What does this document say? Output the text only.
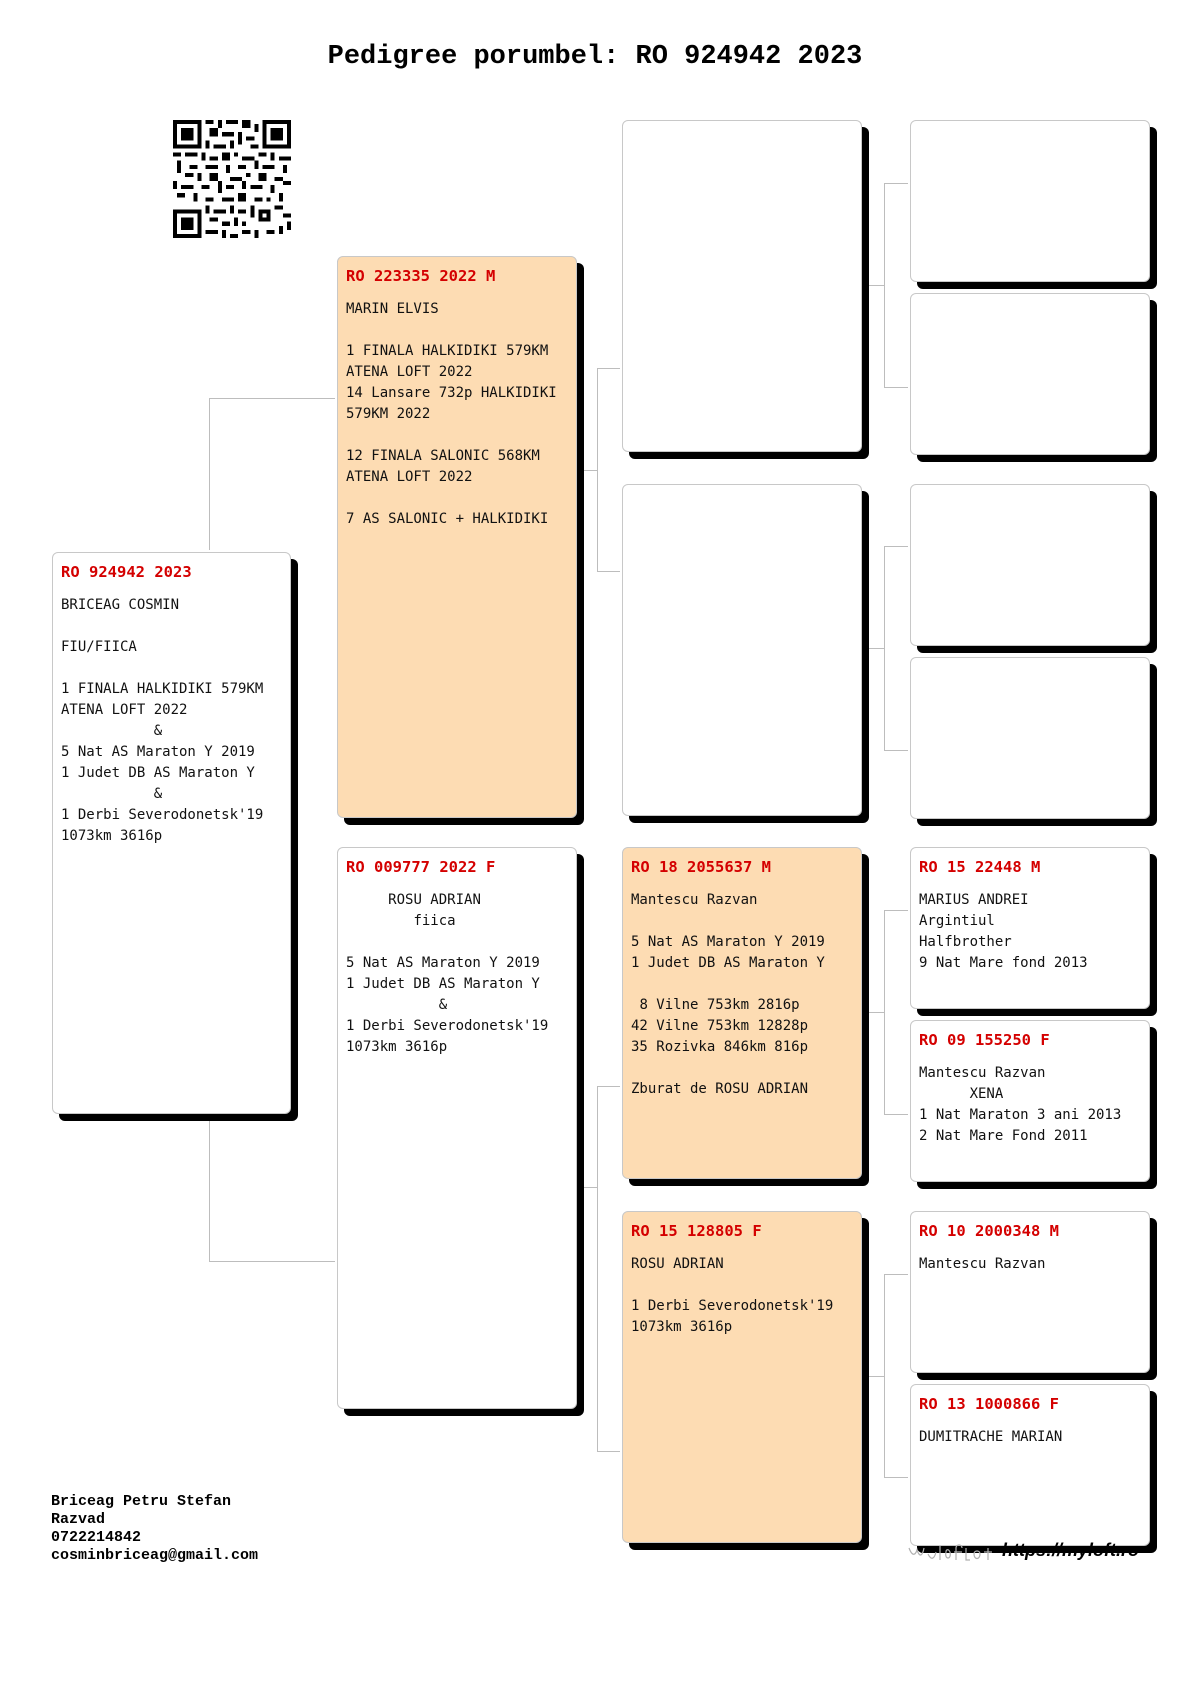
Pedigree porumbel: RO 924942 2023
RO 924942 2023
BRICEAG COSMIN

FIU/FIICA

1 FINALA HALKIDIKI 579KM
ATENA LOFT 2022
&
5 Nat AS Maraton Y 2019
1 Judet DB AS Maraton Y
&
1 Derbi Severodonetsk'19
1073km 3616p
RO 223335 2022 M
MARIN ELVIS

1 FINALA HALKIDIKI 579KM
ATENA LOFT 2022
14 Lansare 732p HALKIDIKI 579KM 2022

12 FINALA SALONIC 568KM
ATENA LOFT 2022

7 AS SALONIC + HALKIDIKI
RO 009777 2022 F
ROSU ADRIAN
fiica

5 Nat AS Maraton Y 2019
1 Judet DB AS Maraton Y
&
1 Derbi Severodonetsk'19
1073km 3616p
RO 18 2055637 M
Mantescu Razvan

5 Nat AS Maraton Y 2019
1 Judet DB AS Maraton Y

8 Vilne 753km 2816p
42 Vilne 753km 12828p
35 Rozivka 846km 816p

Zburat de ROSU ADRIAN
RO 15 128805 F
ROSU ADRIAN

1 Derbi Severodonetsk'19
1073km 3616p
RO 15 22448 M
MARIUS ANDREI
Argintiul
Halfbrother
9 Nat Mare fond 2013
RO 09 155250 F
Mantescu Razvan
XENA
1 Nat Maraton 3 ani 2013
2 Nat Mare Fond 2011
RO 10 2000348 M
Mantescu Razvan
RO 13 1000866 F
DUMITRACHE MARIAN
Briceag Petru Stefan
Razvad
0722214842
cosminbriceag@gmail.com	https://myloft.ro
